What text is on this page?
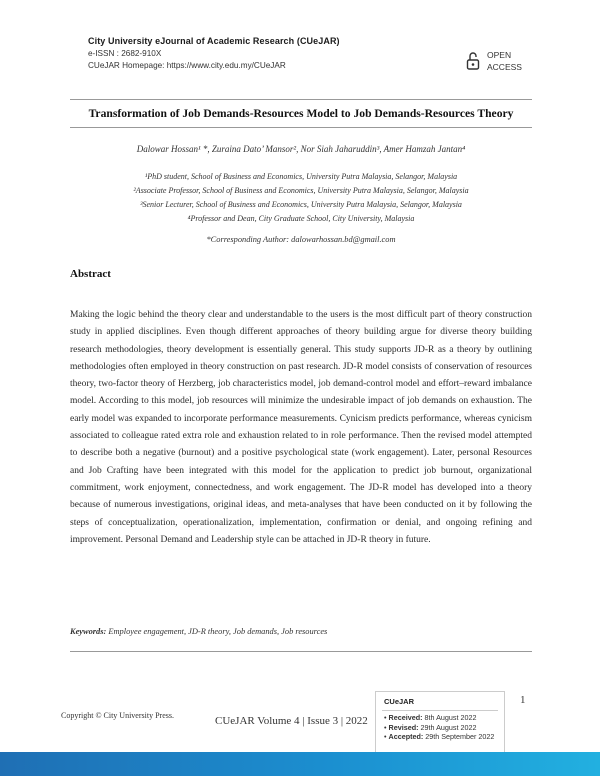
City University eJournal of Academic Research (CUeJAR)
e-ISSN : 2682-910X
CUeJAR Homepage: https://www.city.edu.my/CUeJAR
OPEN
ACCESS
Transformation of Job Demands-Resources Model to Job Demands-Resources Theory
Dalowar Hossan¹ *, Zuraina Dato’ Mansor², Nor Siah Jaharuddin³, Amer Hamzah Jantan⁴
¹PhD student, School of Business and Economics, University Putra Malaysia, Selangor, Malaysia
²Associate Professor, School of Business and Economics, University Putra Malaysia, Selangor, Malaysia
³Senior Lecturer, School of Business and Economics, University Putra Malaysia, Selangor, Malaysia
⁴Professor and Dean, City Graduate School, City University, Malaysia
*Corresponding Author: dalowarhossan.bd@gmail.com
Abstract
Making the logic behind the theory clear and understandable to the users is the most difficult part of theory construction study in applied disciplines. Even though different approaches of theory building argue for diverse theory building research methodologies, theory development is essentially general. This study supports JD-R as a theory by outlining methodologies often employed in theory construction on past research. JD-R model consists of conservation of resources theory, two-factor theory of Herzberg, job characteristics model, job demand-control model and effort–reward imbalance model. According to this model, job resources will minimize the undesirable impact of job demands on exhaustion. The early model was expanded to incorporate performance measurements. Cynicism predicts performance, whereas cynicism associated to colleague rated extra role and exhaustion related to in role performance. Then the revised model attempted to describe both a negative (burnout) and a positive psychological state (work engagement). Later, personal Resources and Job Crafting have been integrated with this model for the application to predict job burnout, organizational commitment, work enjoyment, connectedness, and work engagement. The JD-R model has developed into a theory because of numerous investigations, original ideas, and meta-analyses that have been conducted on it by following the steps of conceptualization, operationalization, implementation, confirmation or denial, and ongoing refining and improvement. Personal Demand and Leadership style can be attached in JD-R theory in future.
Keywords: Employee engagement, JD-R theory, Job demands, Job resources
1
Copyright © City University Press.	CUeJAR Volume 4 | Issue 3 | 2022
CUeJAR
• Received: 8th August 2022
• Revised: 29th August 2022
• Accepted: 29th September 2022
